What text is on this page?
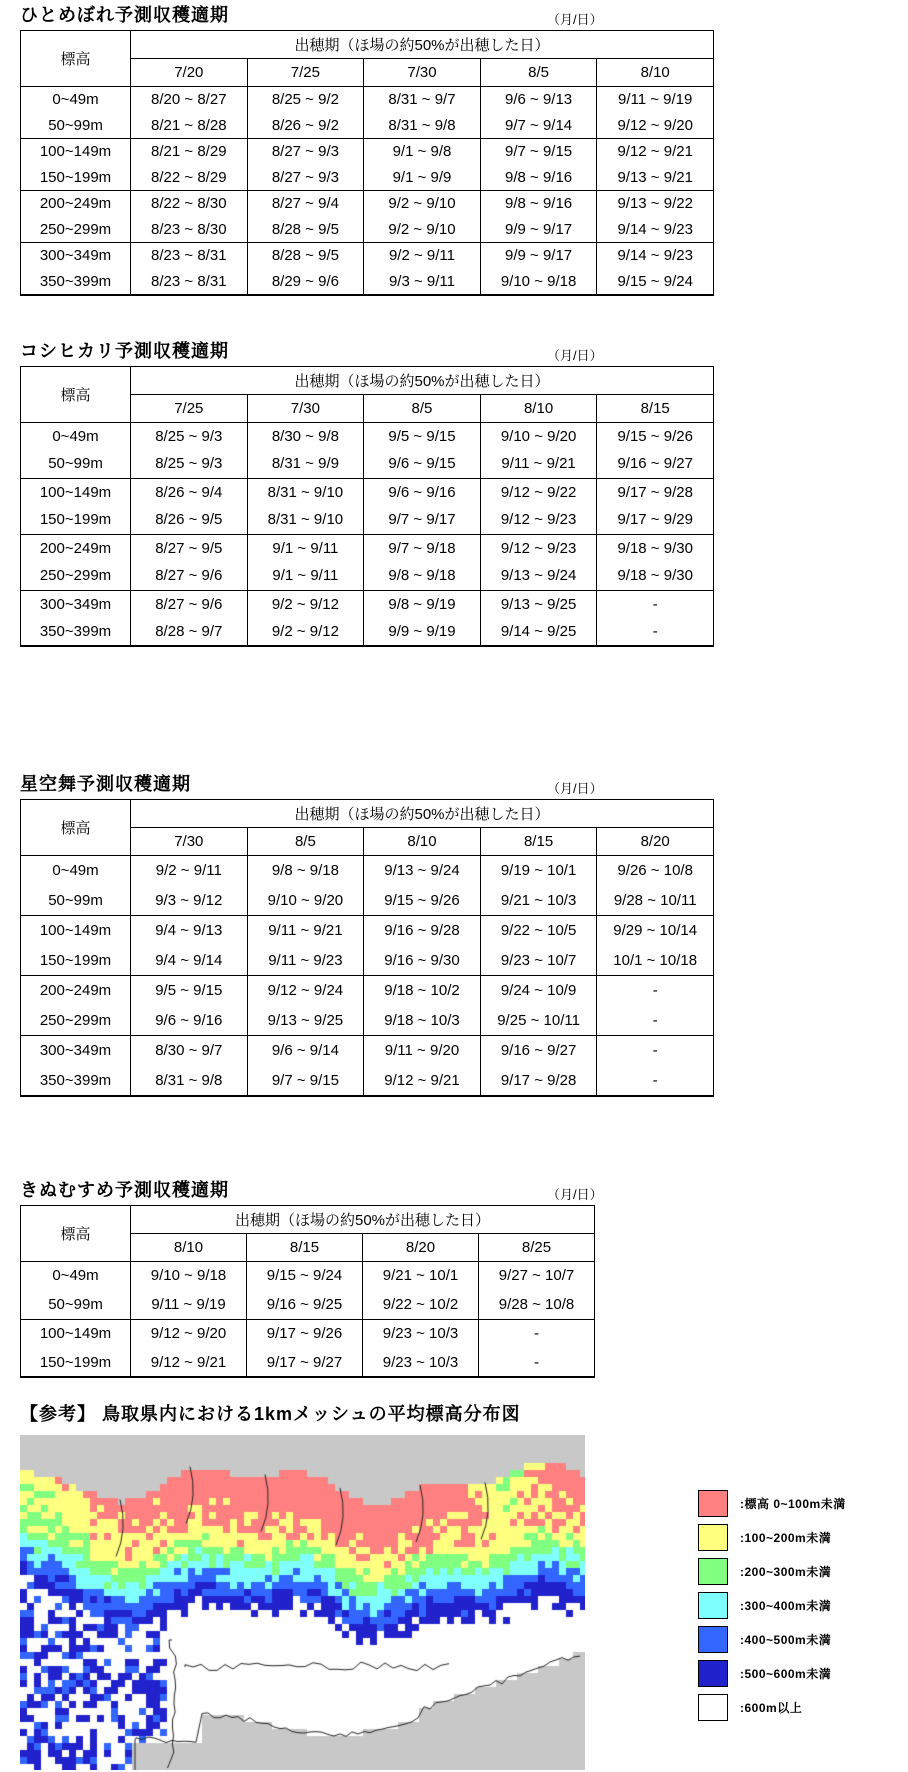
ひとめぼれ予測収穫適期	（月/日）
標高	出穂期（ほ場の約50%が出穂した日）				
	7/20	7/25	7/30	8/5	8/10
0~49m	8/20 ~ 8/27	8/25 ~ 9/2	8/31 ~ 9/7	9/6 ~ 9/13	9/11 ~ 9/19
50~99m	8/21 ~ 8/28	8/26 ~ 9/2	8/31 ~ 9/8	9/7 ~ 9/14	9/12 ~ 9/20
100~149m	8/21 ~ 8/29	8/27 ~ 9/3	9/1 ~ 9/8	9/7 ~ 9/15	9/12 ~ 9/21
150~199m	8/22 ~ 8/29	8/27 ~ 9/3	9/1 ~ 9/9	9/8 ~ 9/16	9/13 ~ 9/21
200~249m	8/22 ~ 8/30	8/27 ~ 9/4	9/2 ~ 9/10	9/8 ~ 9/16	9/13 ~ 9/22
250~299m	8/23 ~ 8/30	8/28 ~ 9/5	9/2 ~ 9/10	9/9 ~ 9/17	9/14 ~ 9/23
300~349m	8/23 ~ 8/31	8/28 ~ 9/5	9/2 ~ 9/11	9/9 ~ 9/17	9/14 ~ 9/23
350~399m	8/23 ~ 8/31	8/29 ~ 9/6	9/3 ~ 9/11	9/10 ~ 9/18	9/15 ~ 9/24
コシヒカリ予測収穫適期	（月/日）
標高	出穂期（ほ場の約50%が出穂した日）				
	7/25	7/30	8/5	8/10	8/15
0~49m	8/25 ~ 9/3	8/30 ~ 9/8	9/5 ~ 9/15	9/10 ~ 9/20	9/15 ~ 9/26
50~99m	8/25 ~ 9/3	8/31 ~ 9/9	9/6 ~ 9/15	9/11 ~ 9/21	9/16 ~ 9/27
100~149m	8/26 ~ 9/4	8/31 ~ 9/10	9/6 ~ 9/16	9/12 ~ 9/22	9/17 ~ 9/28
150~199m	8/26 ~ 9/5	8/31 ~ 9/10	9/7 ~ 9/17	9/12 ~ 9/23	9/17 ~ 9/29
200~249m	8/27 ~ 9/5	9/1 ~ 9/11	9/7 ~ 9/18	9/12 ~ 9/23	9/18 ~ 9/30
250~299m	8/27 ~ 9/6	9/1 ~ 9/11	9/8 ~ 9/18	9/13 ~ 9/24	9/18 ~ 9/30
300~349m	8/27 ~ 9/6	9/2 ~ 9/12	9/8 ~ 9/19	9/13 ~ 9/25	-
350~399m	8/28 ~ 9/7	9/2 ~ 9/12	9/9 ~ 9/19	9/14 ~ 9/25	-
星空舞予測収穫適期	（月/日）
標高	出穂期（ほ場の約50%が出穂した日）				
	7/30	8/5	8/10	8/15	8/20
0~49m	9/2 ~ 9/11	9/8 ~ 9/18	9/13 ~ 9/24	9/19 ~ 10/1	9/26 ~ 10/8
50~99m	9/3 ~ 9/12	9/10 ~ 9/20	9/15 ~ 9/26	9/21 ~ 10/3	9/28 ~ 10/11
100~149m	9/4 ~ 9/13	9/11 ~ 9/21	9/16 ~ 9/28	9/22 ~ 10/5	9/29 ~ 10/14
150~199m	9/4 ~ 9/14	9/11 ~ 9/23	9/16 ~ 9/30	9/23 ~ 10/7	10/1 ~ 10/18
200~249m	9/5 ~ 9/15	9/12 ~ 9/24	9/18 ~ 10/2	9/24 ~ 10/9	-
250~299m	9/6 ~ 9/16	9/13 ~ 9/25	9/18 ~ 10/3	9/25 ~ 10/11	-
300~349m	8/30 ~ 9/7	9/6 ~ 9/14	9/11 ~ 9/20	9/16 ~ 9/27	-
350~399m	8/31 ~ 9/8	9/7 ~ 9/15	9/12 ~ 9/21	9/17 ~ 9/28	-
きぬむすめ予測収穫適期	（月/日）
標高	出穂期（ほ場の約50%が出穂した日）			
	8/10	8/15	8/20	8/25
0~49m	9/10 ~ 9/18	9/15 ~ 9/24	9/21 ~ 10/1	9/27 ~ 10/7
50~99m	9/11 ~ 9/19	9/16 ~ 9/25	9/22 ~ 10/2	9/28 ~ 10/8
100~149m	9/12 ~ 9/20	9/17 ~ 9/26	9/23 ~ 10/3	-
150~199m	9/12 ~ 9/21	9/17 ~ 9/27	9/23 ~ 10/3	-
【参考】 鳥取県内における1kmメッシュの平均標高分布図
:標高 0~100m未満
:100~200m未満
:200~300m未満
:300~400m未満
:400~500m未満
:500~600m未満
:600m以上
